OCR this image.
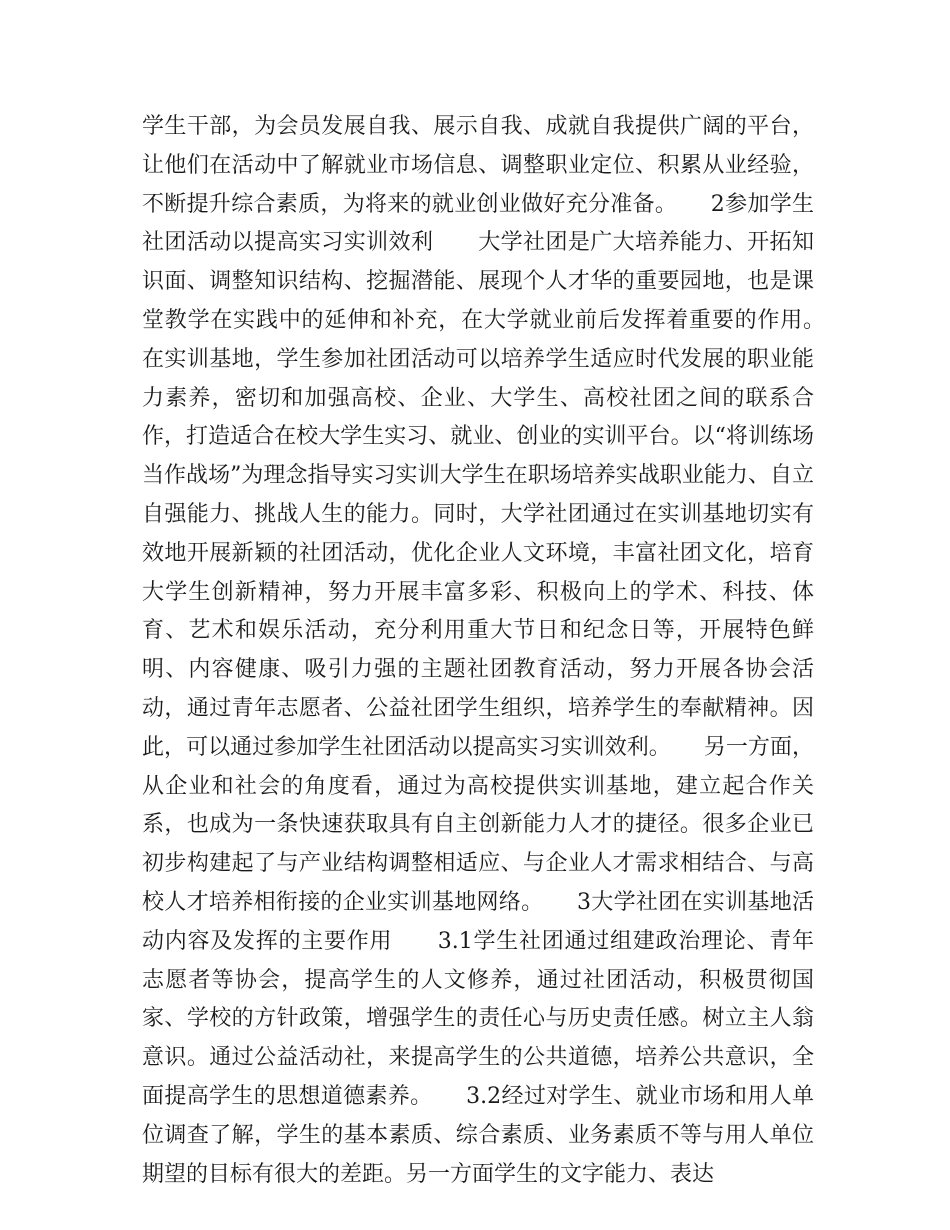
学生干部，为会员发展自我、展示自我、成就自我提供广阔的平台，让他们在活动中了解就业市场信息、调整职业定位、积累从业经验，不断提升综合素质，为将来的就业创业做好充分准备。　　2参加学生社团活动以提高实习实训效利　　大学社团是广大培养能力、开拓知识面、调整知识结构、挖掘潜能、展现个人才华的重要园地，也是课堂教学在实践中的延伸和补充，在大学就业前后发挥着重要的作用。　　在实训基地，学生参加社团活动可以培养学生适应时代发展的职业能力素养，密切和加强高校、企业、大学生、高校社团之间的联系合作，打造适合在校大学生实习、就业、创业的实训平台。以“将训练场当作战场”为理念指导实习实训大学生在职场培养实战职业能力、自立自强能力、挑战人生的能力。同时，大学社团通过在实训基地切实有效地开展新颖的社团活动，优化企业人文环境，丰富社团文化，培育大学生创新精神，努力开展丰富多彩、积极向上的学术、科技、体育、艺术和娱乐活动，充分利用重大节日和纪念日等，开展特色鲜明、内容健康、吸引力强的主题社团教育活动，努力开展各协会活动，通过青年志愿者、公益社团学生组织，培养学生的奉献精神。因此，可以通过参加学生社团活动以提高实习实训效利。　　另一方面，从企业和社会的角度看，通过为高校提供实训基地，建立起合作关系，也成为一条快速获取具有自主创新能力人才的捷径。很多企业已初步构建起了与产业结构调整相适应、与企业人才需求相结合、与高校人才培养相衔接的企业实训基地网络。　　3大学社团在实训基地活动内容及发挥的主要作用　　3.1学生社团通过组建政治理论、青年志愿者等协会，提高学生的人文修养，通过社团活动，积极贯彻国家、学校的方针政策，增强学生的责任心与历史责任感。树立主人翁意识。通过公益活动社，来提高学生的公共道德，培养公共意识，全面提高学生的思想道德素养。　　3.2经过对学生、就业市场和用人单位调查了解，学生的基本素质、综合素质、业务素质不等与用人单位期望的目标有很大的差距。另一方面学生的文字能力、表达
